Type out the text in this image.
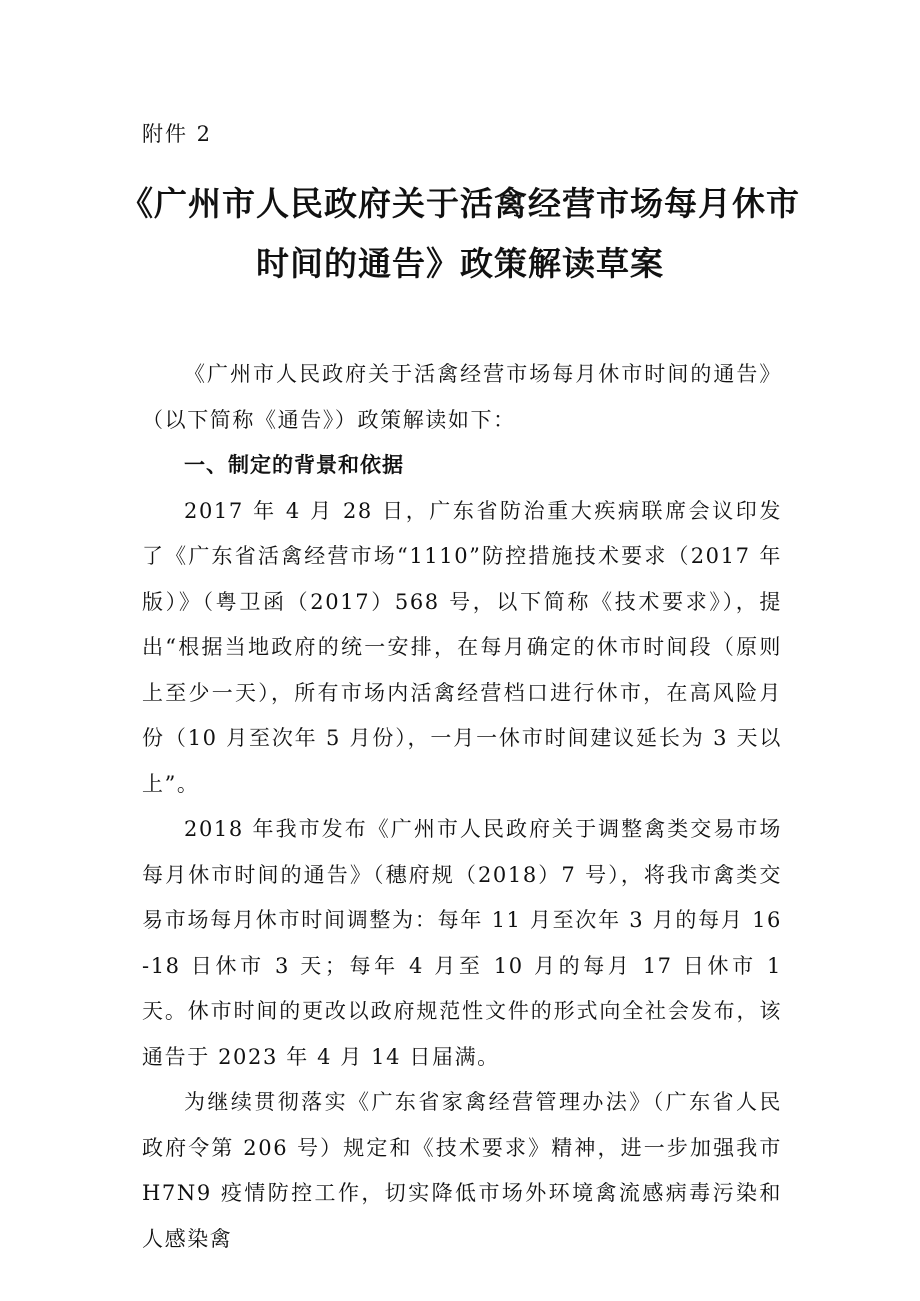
附件 2

《广州市人民政府关于活禽经营市场每月休市
时间的通告》政策解读草案

《广州市人民政府关于活禽经营市场每月休市时间的通告》（以下简称《通告》）政策解读如下：

一、制定的背景和依据

2017 年 4 月 28 日，广东省防治重大疾病联席会议印发了《广东省活禽经营市场“1110”防控措施技术要求（2017 年版）》（粤卫函（2017）568 号，以下简称《技术要求》），提出“根据当地政府的统一安排，在每月确定的休市时间段（原则上至少一天），所有市场内活禽经营档口进行休市，在高风险月份（10 月至次年 5 月份），一月一休市时间建议延长为 3 天以上”。

2018 年我市发布《广州市人民政府关于调整禽类交易市场每月休市时间的通告》（穗府规（2018）7 号），将我市禽类交易市场每月休市时间调整为：每年 11 月至次年 3 月的每月 16-18 日休市 3 天；每年 4 月至 10 月的每月 17 日休市 1 天。休市时间的更改以政府规范性文件的形式向全社会发布，该通告于 2023 年 4 月 14 日届满。

为继续贯彻落实《广东省家禽经营管理办法》（广东省人民政府令第 206 号）规定和《技术要求》精神，进一步加强我市 H7N9 疫情防控工作，切实降低市场外环境禽流感病毒污染和人感染禽
